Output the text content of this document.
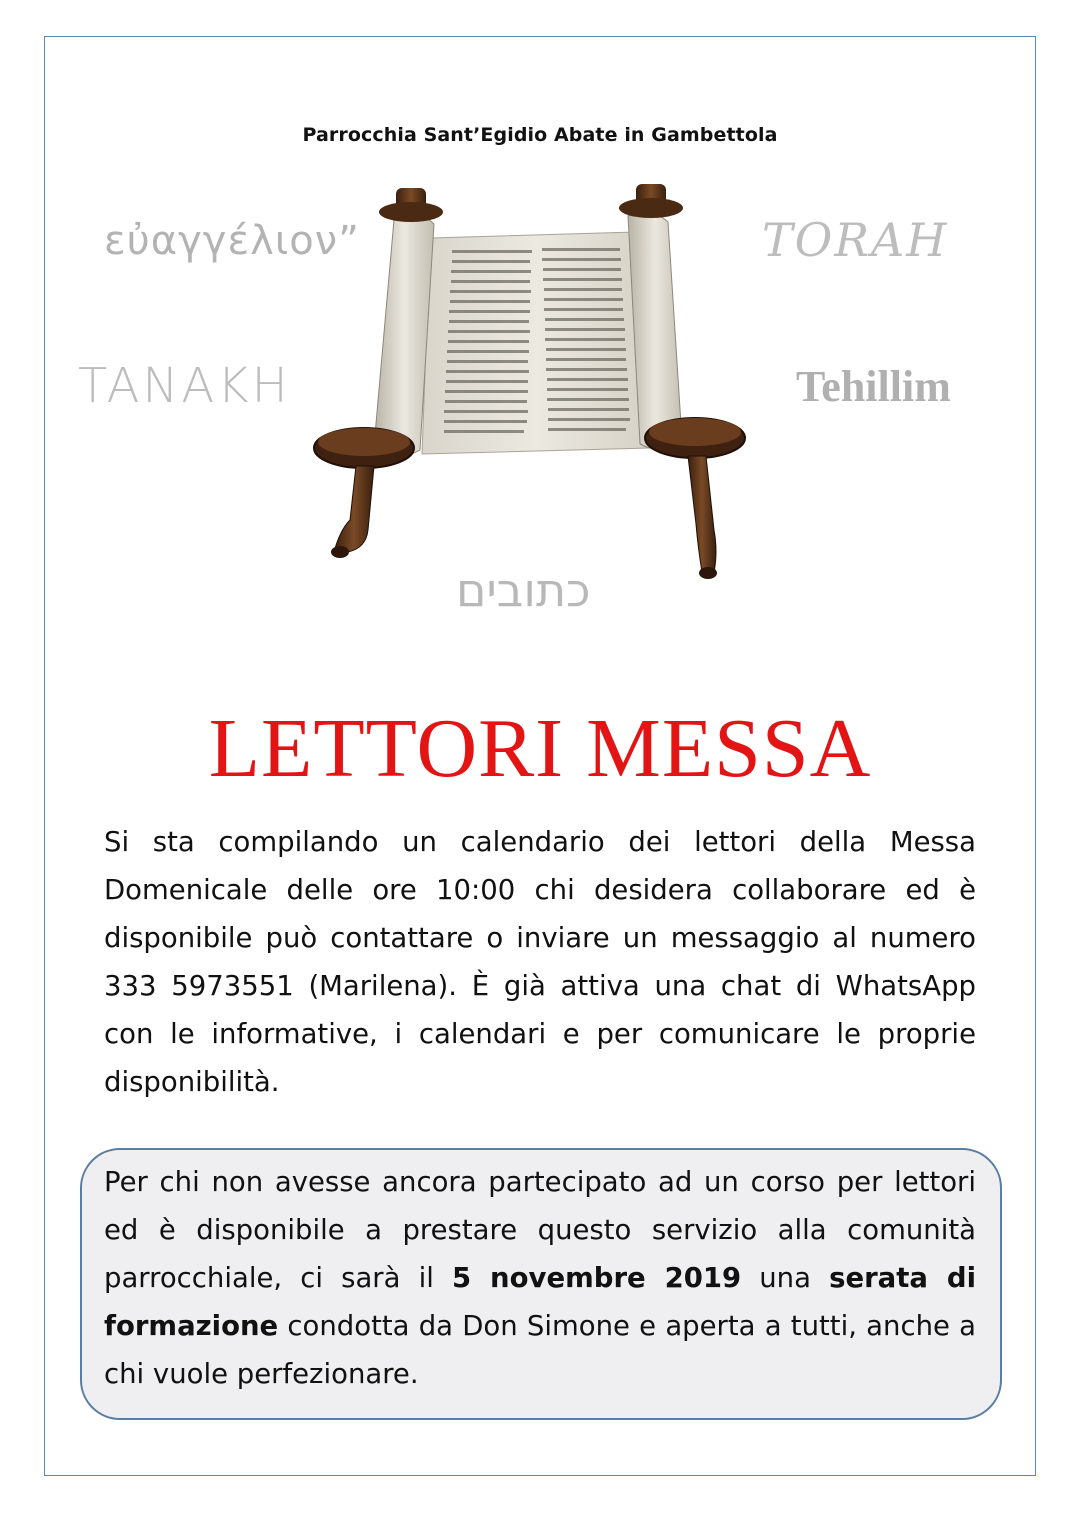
Parrocchia Sant’Egidio Abate in Gambettola
εὐαγγέλιον”	TORAH
TANAKH	Tehillim
כתובים
LETTORI MESSA
Si sta compilando un calendario dei lettori della Messa Domenicale delle ore 10:00 chi desidera collaborare ed è disponibile può contattare o inviare un messaggio al numero 333 5973551 (Marilena). È già attiva una chat di WhatsApp con le informative, i calendari e per comunicare le proprie disponibilità.
Per chi non avesse ancora partecipato ad un corso per lettori ed è disponibile a prestare questo servizio alla comunità parrocchiale, ci sarà il 5 novembre 2019 una serata di formazione condotta da Don Simone e aperta a tutti, anche a chi vuole perfezionare.
